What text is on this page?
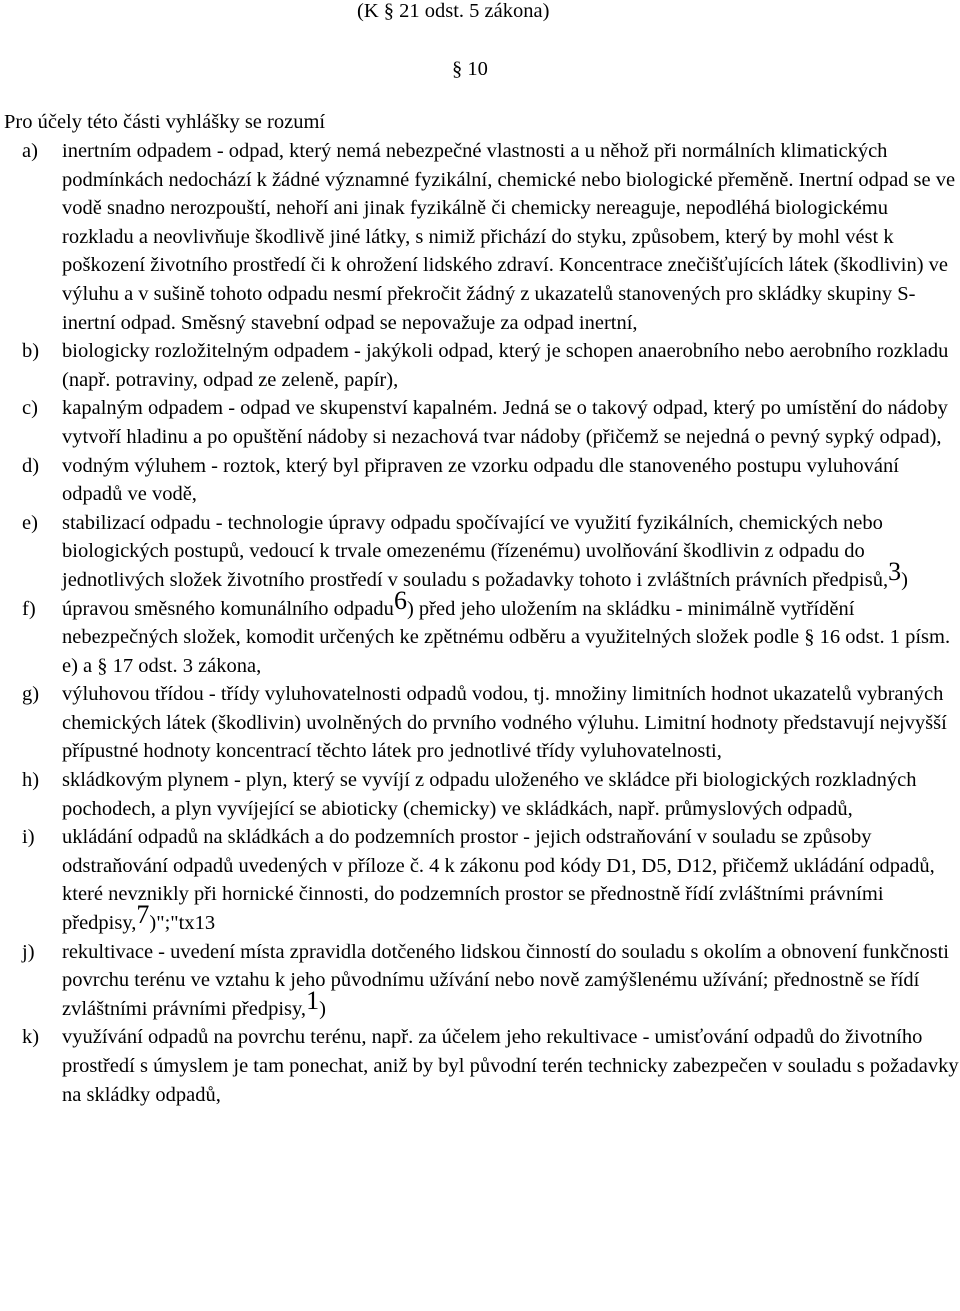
(K § 21 odst. 5 zákona)
§ 10
Pro účely této části vyhlášky se rozumí
a) inertním odpadem - odpad, který nemá nebezpečné vlastnosti a u něhož při normálních klimatických podmínkách nedochází k žádné významné fyzikální, chemické nebo biologické přeměně. Inertní odpad se ve vodě snadno nerozpouští, nehoří ani jinak fyzikálně či chemicky nereaguje, nepodléhá biologickému rozkladu a neovlivňuje škodlivě jiné látky, s nimiž přichází do styku, způsobem, který by mohl vést k poškození životního prostředí či k ohrožení lidského zdraví. Koncentrace znečišťujících látek (škodlivin) ve výluhu a v sušině tohoto odpadu nesmí překročit žádný z ukazatelů stanovených pro skládky skupiny S-inertní odpad. Směsný stavební odpad se nepovažuje za odpad inertní,
b) biologicky rozložitelným odpadem - jakýkoli odpad, který je schopen anaerobního nebo aerobního rozkladu (např. potraviny, odpad ze zeleně, papír),
c) kapalným odpadem - odpad ve skupenství kapalném. Jedná se o takový odpad, který po umístění do nádoby vytvoří hladinu a po opuštění nádoby si nezachová tvar nádoby (přičemž se nejedná o pevný sypký odpad),
d) vodným výluhem - roztok, který byl připraven ze vzorku odpadu dle stanoveného postupu vyluhování odpadů ve vodě,
e) stabilizací odpadu - technologie úpravy odpadu spočívající ve využití fyzikálních, chemických nebo biologických postupů, vedoucí k trvale omezenému (řízenému) uvolňování škodlivin z odpadu do jednotlivých složek životního prostředí v souladu s požadavky tohoto i zvláštních právních předpisů,$^3$)
f) úpravou směsného komunálního odpadu$^6$) před jeho uložením na skládku - minimálně vytřídění nebezpečných složek, komodit určených ke zpětnému odběru a využitelných složek podle § 16 odst. 1 písm. e) a § 17 odst. 3 zákona,
g) výluhovou třídou - třídy vyluhovatelnosti odpadů vodou, tj. množiny limitních hodnot ukazatelů vybraných chemických látek (škodlivin) uvolněných do prvního vodného výluhu. Limitní hodnoty představují nejvyšší přípustné hodnoty koncentrací těchto látek pro jednotlivé třídy vyluhovatelnosti,
h) skládkovým plynem - plyn, který se vyvíjí z odpadu uloženého ve skládce při biologických rozkladných pochodech, a plyn vyvíjející se abioticky (chemicky) ve skládkách, např. průmyslových odpadů,
i) ukládání odpadů na skládkách a do podzemních prostor - jejich odstraňování v souladu se způsoby odstraňování odpadů uvedených v příloze č. 4 k zákonu pod kódy D1, D5, D12, přičemž ukládání odpadů, které nevznikly při hornické činnosti, do podzemních prostor se přednostně řídí zvláštními právními předpisy,$^7$)";"tx13
j) rekultivace - uvedení místa zpravidla dotčeného lidskou činností do souladu s okolím a obnovení funkčnosti povrchu terénu ve vztahu k jeho původnímu užívání nebo nově zamýšlenému užívání; přednostně se řídí zvláštními právními předpisy,$^1$)
k) využívání odpadů na povrchu terénu, např. za účelem jeho rekultivace - umisťování odpadů do životního prostředí s úmyslem je tam ponechat, aniž by byl původní terén technicky zabezpečen v souladu s požadavky na skládky odpadů,
